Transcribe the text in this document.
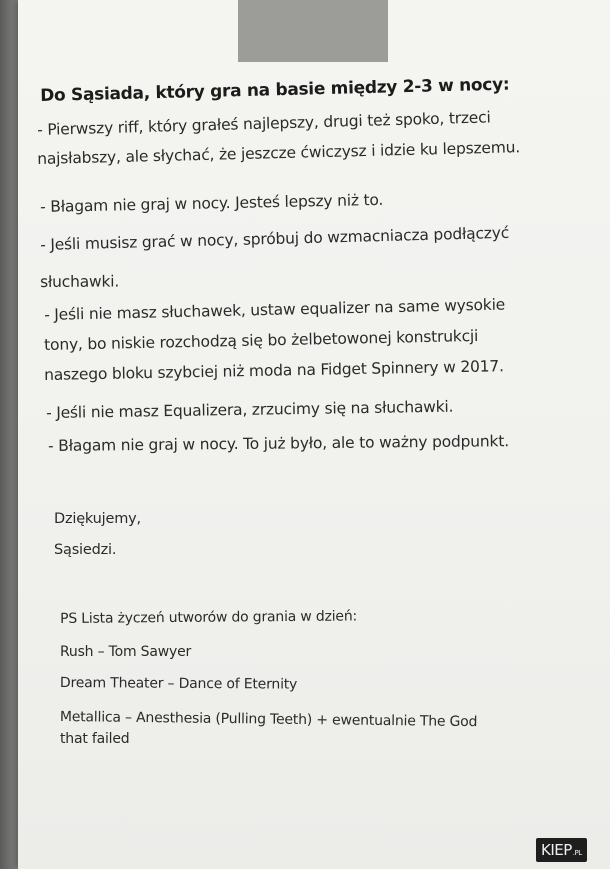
Do Sąsiada, który gra na basie między 2-3 w nocy:

- Pierwszy riff, który grałeś najlepszy, drugi też spoko, trzeci

najsłabszy, ale słychać, że jeszcze ćwiczysz i idzie ku lepszemu.

- Błagam nie graj w nocy. Jesteś lepszy niż to.

- Jeśli musisz grać w nocy, spróbuj do wzmacniacza podłączyć

słuchawki.

- Jeśli nie masz słuchawek, ustaw equalizer na same wysokie

tony, bo niskie rozchodzą się bo żelbetowonej konstrukcji

naszego bloku szybciej niż moda na Fidget Spinnery w 2017.

- Jeśli nie masz Equalizera, zrzucimy się na słuchawki.

- Błagam nie graj w nocy. To już było, ale to ważny podpunkt.

Dziękujemy,

Sąsiedzi.

PS Lista życzeń utworów do grania w dzień:

Rush – Tom Sawyer

Dream Theater – Dance of Eternity

Metallica – Anesthesia (Pulling Teeth) + ewentualnie The God

that failed

KIEP .PL
